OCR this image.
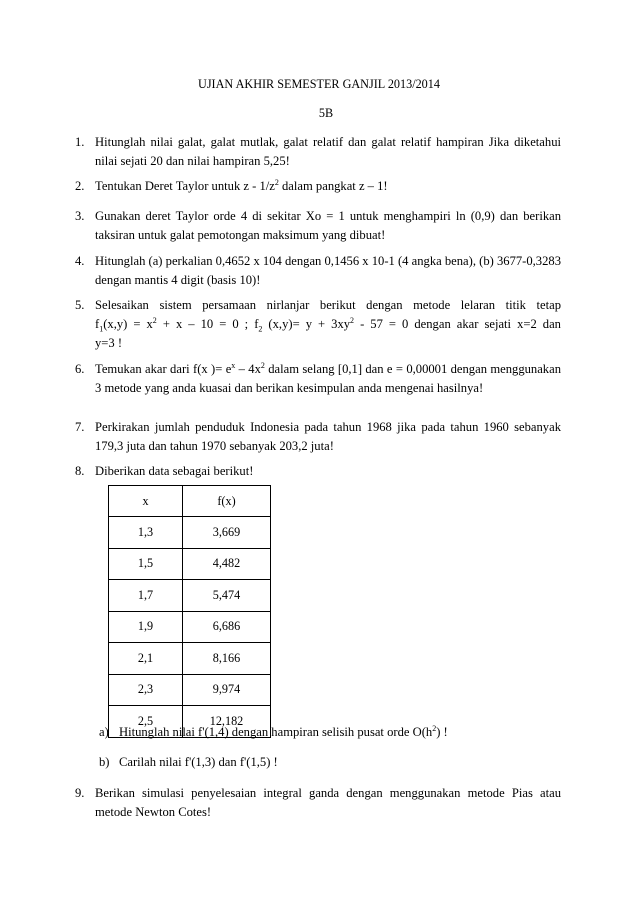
UJIAN AKHIR SEMESTER GANJIL 2013/2014
5B
1. Hitunglah nilai galat, galat mutlak, galat relatif dan galat relatif hampiran Jika diketahui nilai sejati 20 dan nilai hampiran 5,25!

2. Tentukan Deret Taylor untuk z - $1/z^2$ dalam pangkat z – 1!

3. Gunakan deret Taylor orde 4 di sekitar Xo = 1 untuk menghampiri ln (0,9) dan berikan taksiran untuk galat pemotongan maksimum yang dibuat!

4. Hitunglah (a) perkalian 0,4652 x 104 dengan 0,1456 x 10-1 (4 angka bena), (b) 3677-0,3283 dengan mantis 4 digit (basis 10)!

5. Selesaikan sistem persamaan nirlanjar berikut dengan metode lelaran titik tetap

$f_1(x,y) = x^2 + x - 10 = 0$ ; $f_2$ $(x,y)= y + 3xy^2 - 57 = 0$ dengan akar sejati x=2 dan

y=3 !

6. Temukan akar dari f(x )= $e^x - 4x^2$ dalam selang [0,1] dan e = 0,00001 dengan menggunakan 3 metode yang anda kuasai dan berikan kesimpulan anda mengenai hasilnya!

7. Perkirakan jumlah penduduk Indonesia pada tahun 1968 jika pada tahun 1960 sebanyak 179,3 juta dan tahun 1970 sebanyak 203,2 juta!

8. Diberikan data sebagai berikut!

x	f(x)
1,3	3,669
1,5	4,482
1,7	5,474
1,9	6,686
2,1	8,166
2,3	9,974
2,5	12,182
a) Hitunglah nilai f'(1,4) dengan hampiran selisih pusat orde $O(h^2)$ !

b) Carilah nilai f'(1,3) dan f'(1,5) !

9. Berikan simulasi penyelesaian integral ganda dengan menggunakan metode Pias atau metode Newton Cotes!
